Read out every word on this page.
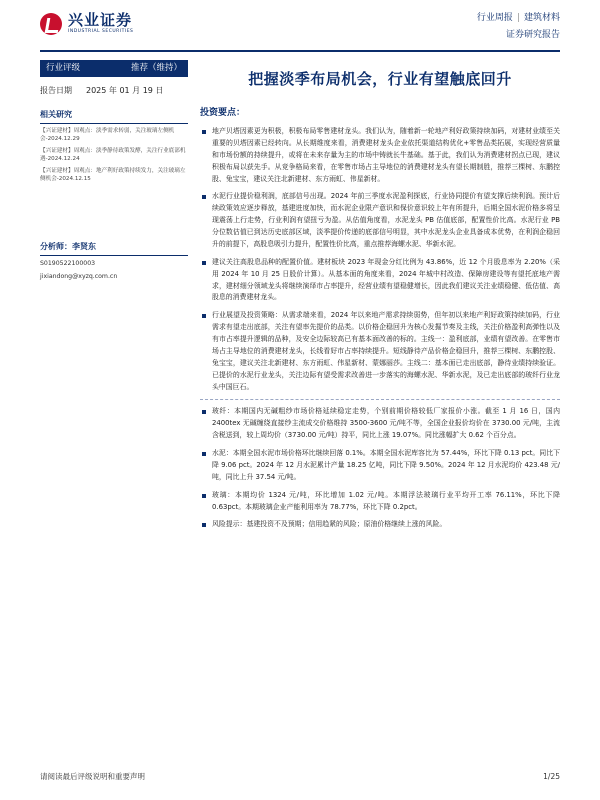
兴业证券
INDUSTRIAL SECURITIES
行业周报 | 建筑材料
证券研究报告
行业评级	推荐（维持）
报告日期 2025 年 01 月 19 日
相关研究
【兴证建材】周观点：淡季需求转弱，关注玻璃左侧机会-2024.12.29
【兴证建材】周观点：淡季静待政策发酵，关注行业底部机遇-2024.12.24
【兴证建材】周观点：地产利好政策持续发力，关注玻璃左侧机会-2024.12.15
分析师：李贤东
S0190522100003
jixiandong@xyzq.com.cn
把握淡季布局机会，行业有望触底回升
投资要点：

地产贝塔因素更为积极，积极布局零售建材龙头。我们认为，随着新一轮地产利好政策持续加码，对建材业绩至关重要的贝塔因素已经转向。从长期维度来看，消费建材龙头企业依托渠道结构优化+零售品类拓展，实现经营质量和市场份额的持续提升，或将在未来存量为主的市场中铸就长牛基础。基于此，我们认为消费建材拐点已现，建议积极布局以获先手。从竞争格局来看，在零售市场占主导地位的消费建材龙头有望长期制胜，推荐三棵树、东鹏控股、兔宝宝，建议关注北新建材、东方雨虹、伟星新材。

水泥行业提价稳利润，底部信号出现。2024 年前三季度水泥盈利探底，行业协同提价有望支撑后续利润。预计后续政策效应逐步释放，基建进度加快，而水泥企业限产意识和保价意识较上年有所提升，后期全国水泥价格多将呈现震荡上行走势，行业利润有望扭亏为盈。从估值角度看，水泥龙头 PB 估值底部，配置性价比高。水泥行业 PB 分位数估值已到达历史底部区域，淡季提价传递的底部信号明显，其中水泥龙头企业具备成本优势，在利润企稳回升的前提下，高股息吸引力提升，配置性价比高，重点推荐海螺水泥、华新水泥。

建议关注高股息品种的配置价值。建材板块 2023 年现金分红比例为 43.86%，近 12 个月股息率为 2.20%（采用 2024 年 10 月 25 日股价计算）。从基本面的角度来看，2024 年城中村改造、保障房建设等有望托底地产需求，建材细分领域龙头将继续演绎市占率提升，经营业绩有望稳健增长，因此我们建议关注业绩稳健、低估值、高股息的消费建材龙头。

行业展望及投资策略：从需求端来看，2024 年以来地产需求持续弱势，但年初以来地产利好政策持续加码，行业需求有望走出底部，关注有望率先提价的品类。以价格企稳回升为核心发掘节奏及主线，关注价格盈利高弹性以及有市占率提升逻辑的品种，及安全边际较高已有基本面改善的标的。主线一：盈利底部，业绩有望改善。在零售市场占主导地位的消费建材龙头，长线看好市占率持续提升。短线静待产品价格企稳回升，推荐三棵树、东鹏控股、兔宝宝，建议关注北新建材、东方雨虹、伟星新材、蒙娜丽莎。主线二：基本面已走出底部，静待业绩持续验证。已提价的水泥行业龙头，关注边际有望受需求改善进一步落实的海螺水泥、华新水泥，及已走出底部的玻纤行业龙头中国巨石。

玻纤：本期国内无碱粗纱市场价格延续稳定走势，个别前期价格较低厂家报价小涨。截至 1 月 16 日，国内 2400tex 无碱缠绕直接纱主流成交价格维持 3500-3600 元/吨不等，全国企业报价均价在 3730.00 元/吨，主流含税送到，较上周均价（3730.00 元/吨）持平，同比上涨 19.07%。同比涨幅扩大 0.62 个百分点。

水泥：本期全国水泥市场价格环比继续回落 0.1%。本期全国水泥库容比为 57.44%，环比下降 0.13 pct。同比下降 9.06 pct。2024 年 12 月水泥累计产量 18.25 亿吨，同比下降 9.50%。2024 年 12 月水泥均价 423.48 元/吨，同比上升 37.54 元/吨。

玻璃：本期均价 1324 元/吨，环比增加 1.02 元/吨。本期浮法玻璃行业平均开工率 76.11%，环比下降 0.63pct。本期玻璃企业产能利用率为 78.77%，环比下降 0.2pct。

风险提示：基建投资不及预期；信用趋紧的风险；原油价格继续上涨的风险。

请阅读最后评级说明和重要声明	1/25
